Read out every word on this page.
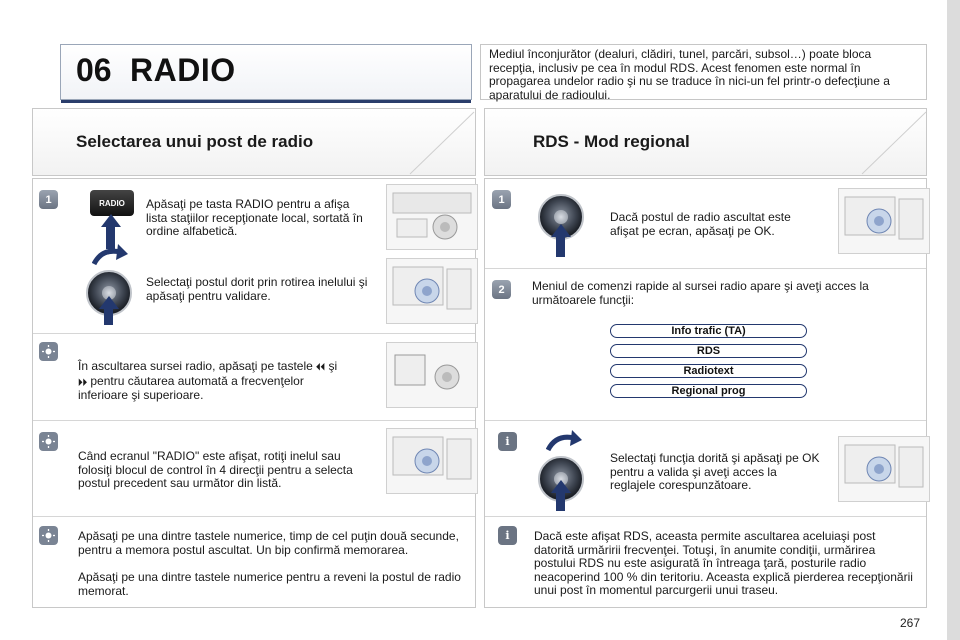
06 RADIO	Mediul înconjurător (dealuri, clădiri, tunel, parcări, subsol…) poate bloca recepţia, inclusiv pe cea în modul RDS. Acest fenomen este normal în propagarea undelor radio şi nu se traduce în nici-un fel printr-o defecţiune a aparatului de radioului.
Selectarea unui post de radio
1	RADIO	Apăsaţi pe tasta RADIO pentru a afişa lista staţiilor recepţionate local, sortată în ordine alfabetică.
Selectaţi postul dorit prin rotirea inelului şi apăsaţi pentru validare.
În ascultarea sursei radio, apăsaţi pe tastele ⏴⏴ şi ⏵⏵ pentru căutarea automată a frecvenţelor inferioare şi superioare.
Când ecranul "RADIO" este afişat, rotiţi inelul sau folosiţi blocul de control în 4 direcţii pentru a selecta postul precedent sau următor din listă.
Apăsaţi pe una dintre tastele numerice, timp de cel puţin două secunde, pentru a memora postul ascultat. Un bip confirmă memorarea.
Apăsaţi pe una dintre tastele numerice pentru a reveni la postul de radio memorat.
RDS - Mod regional
1
Dacă postul de radio ascultat este afişat pe ecran, apăsaţi pe OK.
2	Meniul de comenzi rapide al sursei radio apare şi aveţi acces la următoarele funcţii:
Info trafic (TA)
RDS
Radiotext
Regional prog
i
Selectaţi funcţia dorită şi apăsaţi pe OK pentru a valida şi aveţi acces la reglajele corespunzătoare.
i	Dacă este afişat RDS, aceasta permite ascultarea aceluiaşi post datorită urmăririi frecvenţei. Totuşi, în anumite condiţii, urmărirea postului RDS nu este asigurată în întreaga ţară, posturile radio neacoperind 100 % din teritoriu. Aceasta explică pierderea recepţionării unui post în momentul parcurgerii unui traseu.
267
